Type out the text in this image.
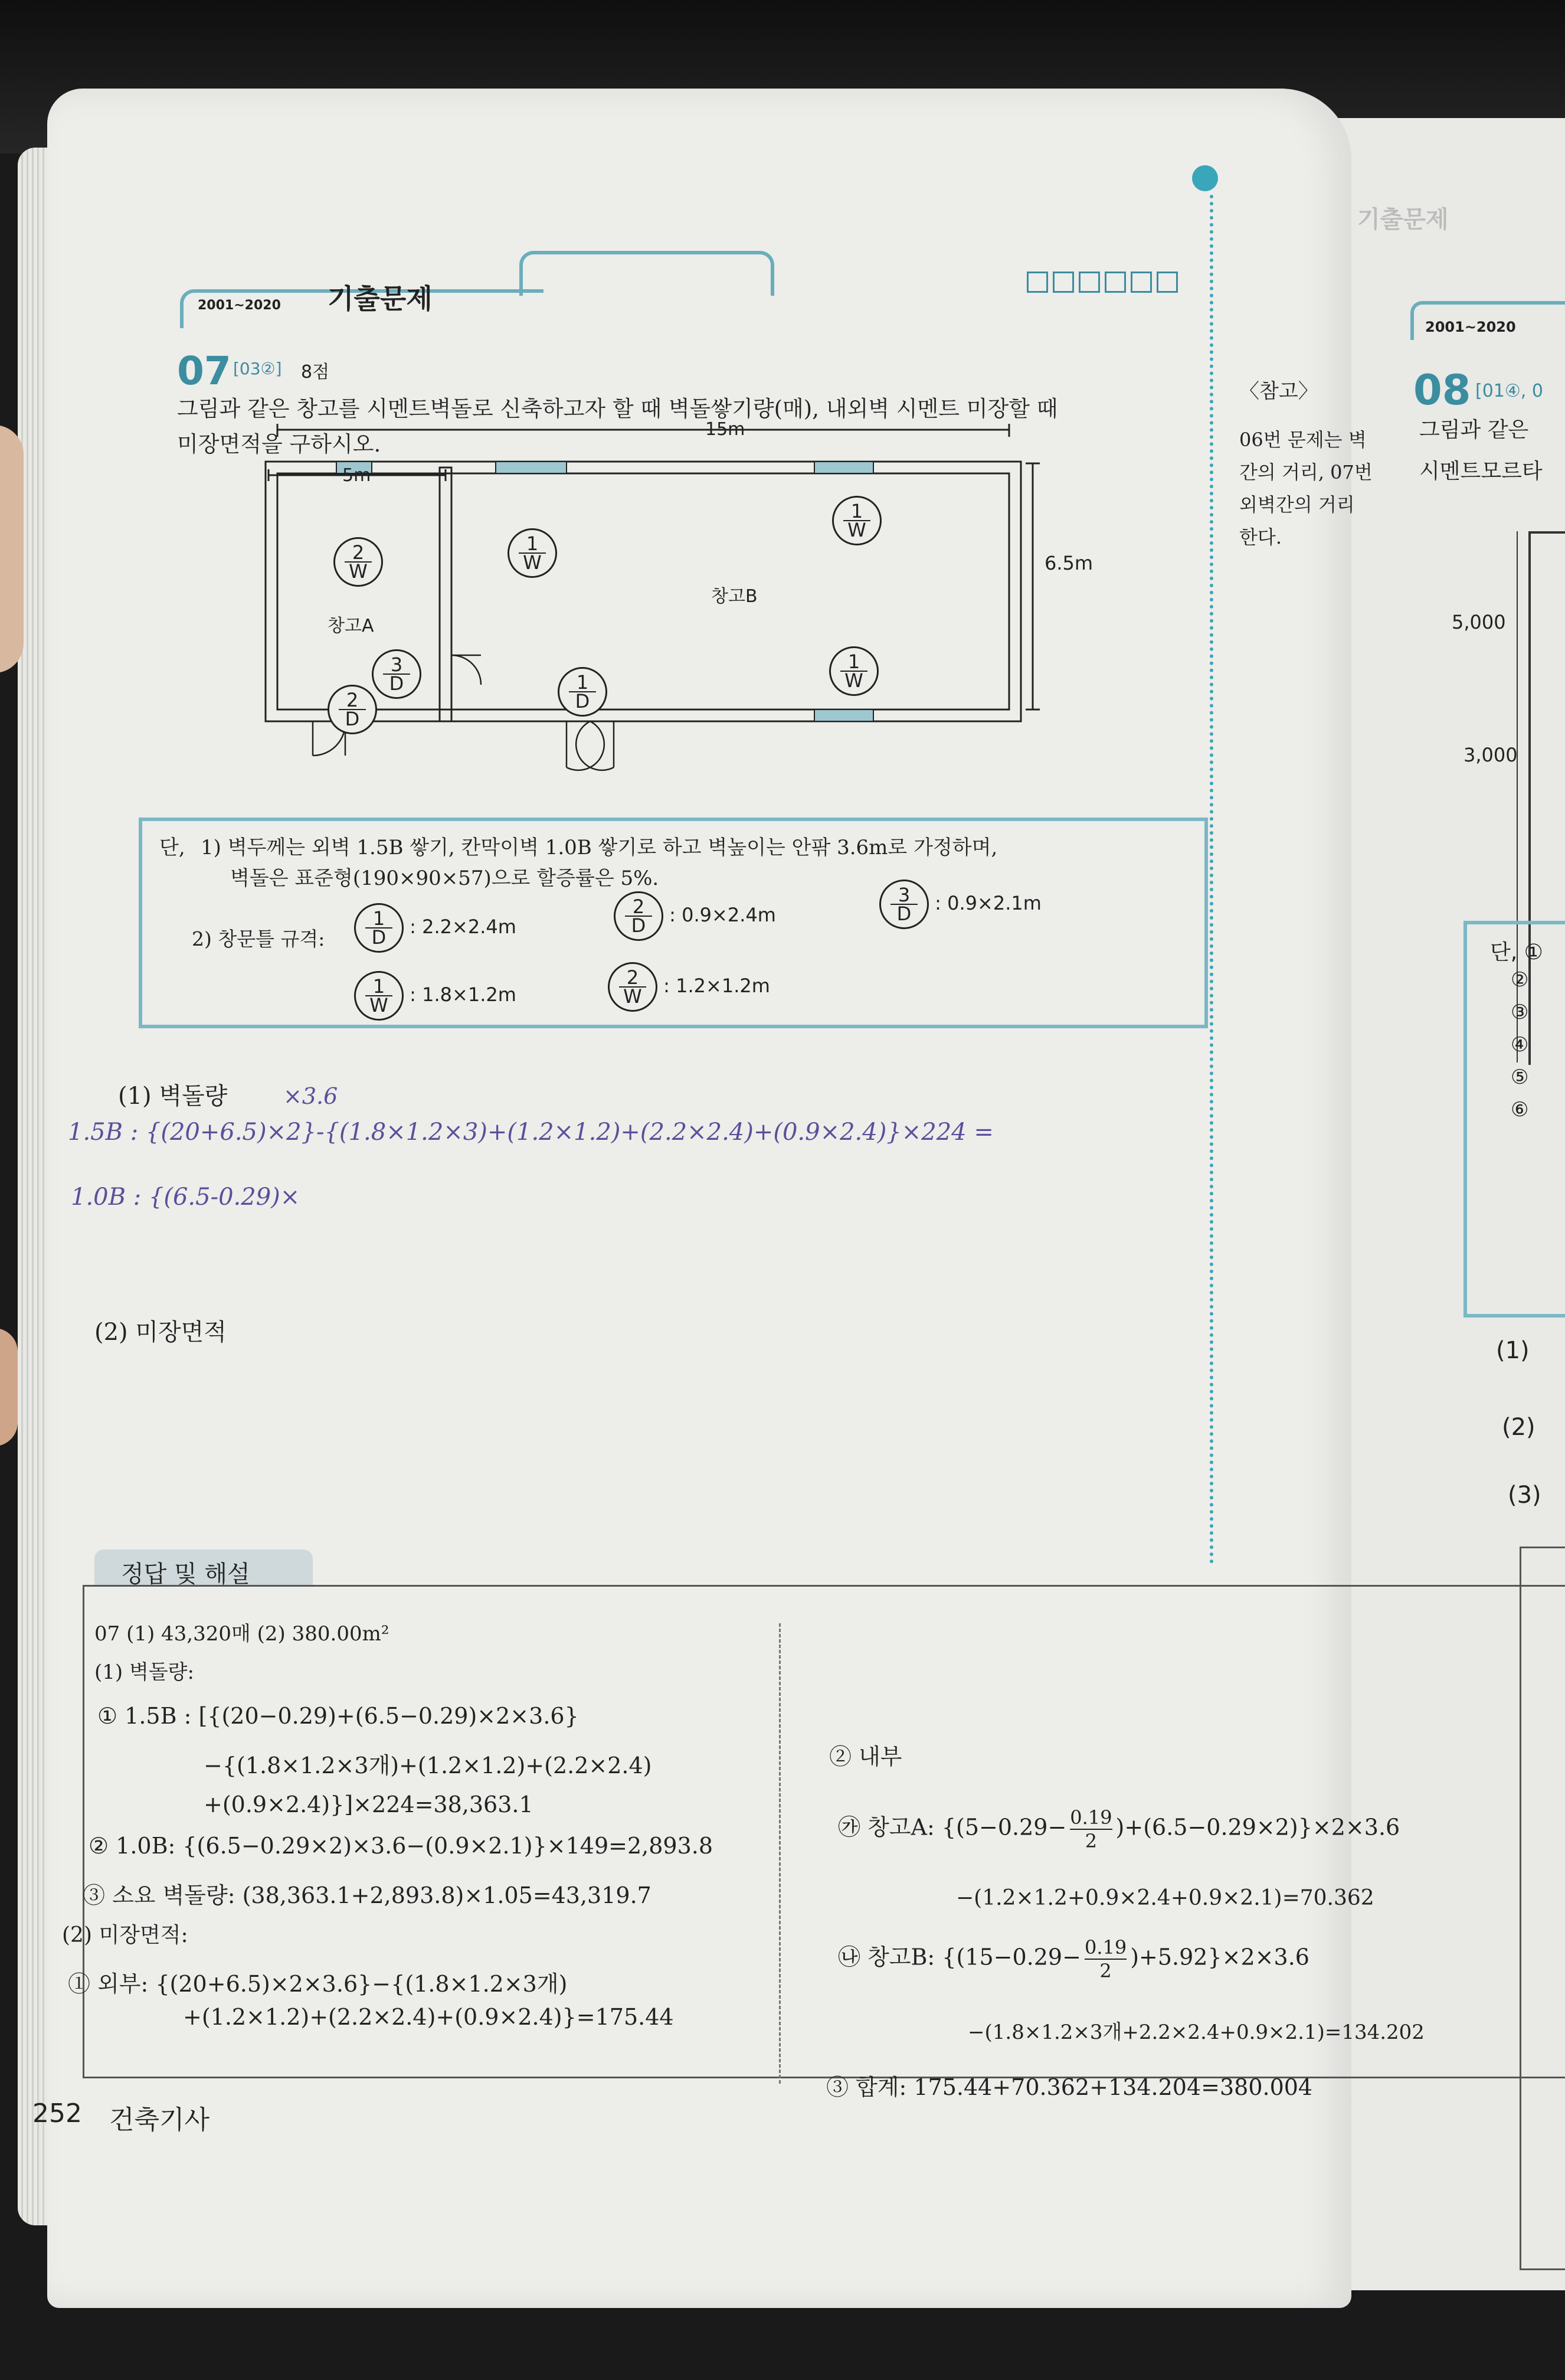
기출문제
2001~2020
08 [01④, 0
그림과 같은
시멘트모르타
5,000
3,000
단, ①
②
③
④
⑤
⑥
(1)
(2)
(3)
2001~2020 기출문제
07 [03②] 8점
그림과 같은 창고를 시멘트벽돌로 신축하고자 할 때 벽돌쌓기량(매), 내외벽 시멘트 미장할 때
미장면적을 구하시오.
15m
5m
6.5m
창고A
창고B
$\frac{2}{W}$	$\frac{1}{W}$
$\frac{1}{W}$
$\frac{3}{D}$
$\frac{2}{D}$	$\frac{1}{D}$	$\frac{1}{W}$
단, 1) 벽두께는 외벽 1.5B 쌓기, 칸막이벽 1.0B 쌓기로 하고 벽높이는 안팎 3.6m로 가정하며,
벽돌은 표준형(190×90×57)으로 할증률은 5%.
2) 창문틀 규격: $\frac{1}{D}$ : 2.2×2.4m	$\frac{2}{D}$ : 0.9×2.4m	$\frac{3}{D}$ : 0.9×2.1m
$\frac{1}{W}$ : 1.8×1.2m	$\frac{2}{W}$ : 1.2×1.2m
(1) 벽돌량 ×3.6
1.5B : {(20+6.5)×2}-{(1.8×1.2×3)+(1.2×1.2)+(2.2×2.4)+(0.9×2.4)}×224 =
1.0B : {(6.5-0.29)×
(2) 미장면적
〈참고〉
06번 문제는 벽
간의 거리, 07번
외벽간의 거리
한다.
정답 및 해설
07 (1) 43,320매 (2) 380.00m²
(1) 벽돌량:
① 1.5B : [{(20−0.29)+(6.5−0.29)×2×3.6}
−{(1.8×1.2×3개)+(1.2×1.2)+(2.2×2.4)
+(0.9×2.4)}]×224=38,363.1
② 1.0B: {(6.5−0.29×2)×3.6−(0.9×2.1)}×149=2,893.8
③ 소요 벽돌량: (38,363.1+2,893.8)×1.05=43,319.7
(2) 미장면적:
① 외부: {(20+6.5)×2×3.6}−{(1.8×1.2×3개)
+(1.2×1.2)+(2.2×2.4)+(0.9×2.4)}=175.44
② 내부
㉮ 창고A: $\{(5-0.29- \frac{0.19}{2} )+(6.5-0.29\times 2)\}\times 2\times 3.6$
−(1.2×1.2+0.9×2.4+0.9×2.1)=70.362
㉯ 창고B: $\{(15-0.29- \frac{0.19}{2} )+5.92\}\times 2\times 3.6$
−(1.8×1.2×3개+2.2×2.4+0.9×2.1)=134.202
③ 합계: 175.44+70.362+134.204=380.004
252 건축기사
